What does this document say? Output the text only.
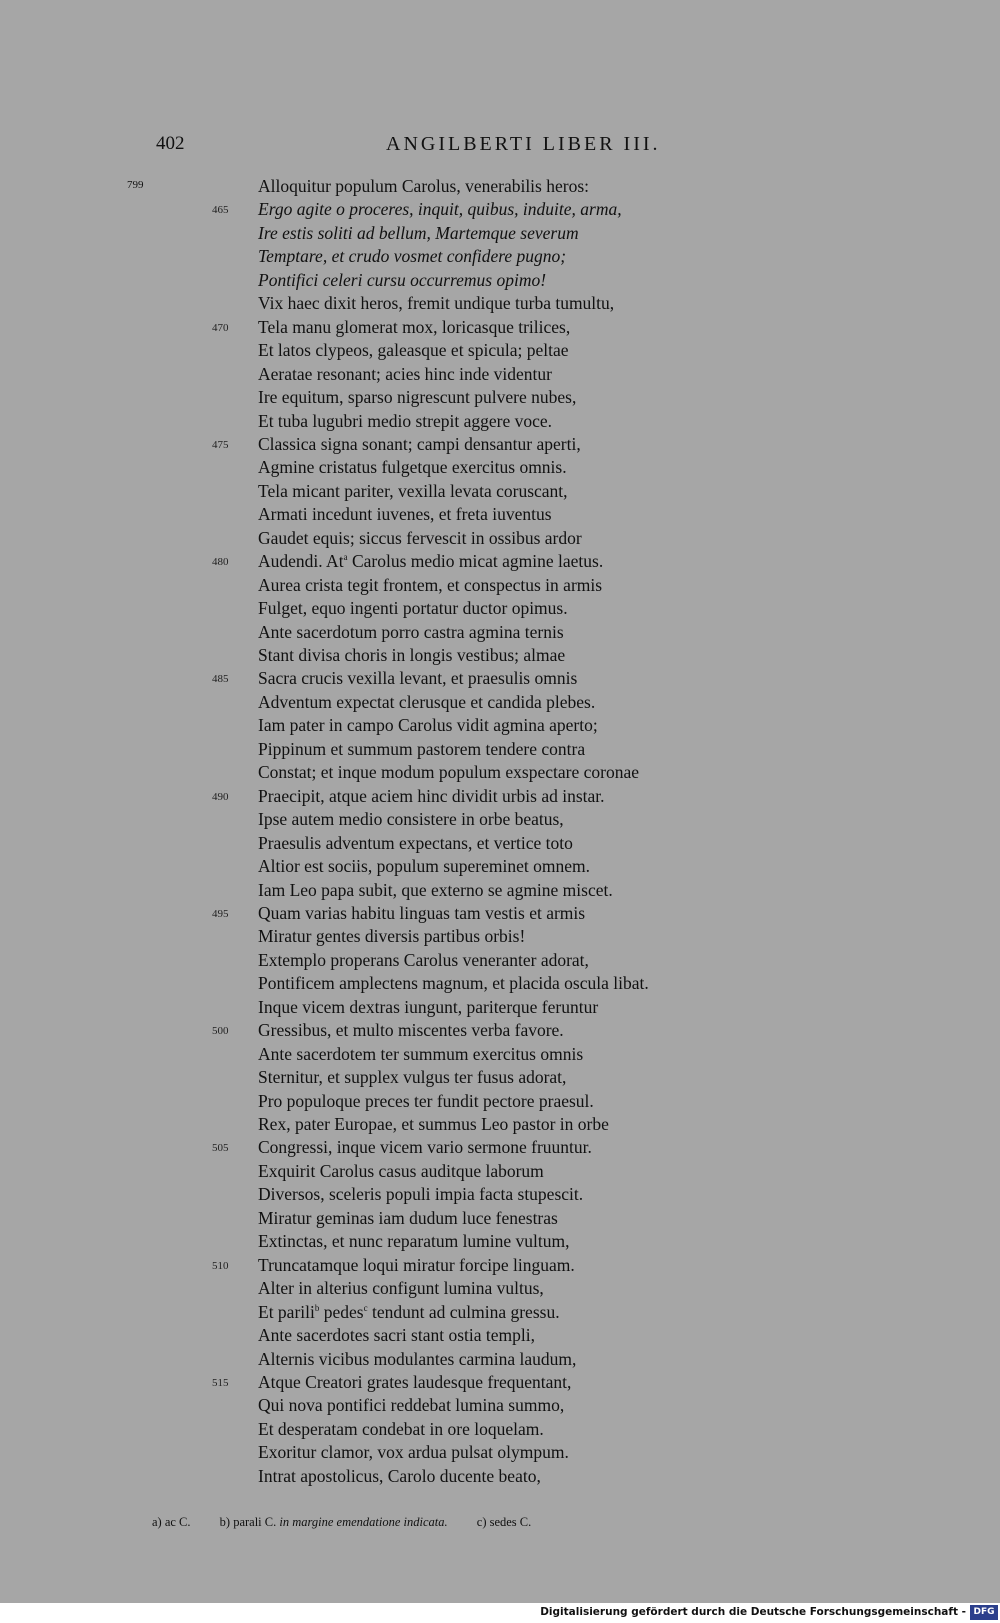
402	ANGILBERTI LIBER III.
799	Alloquitur populum Carolus, venerabilis heros:
465 Ergo agite o proceres, inquit, quibus, induite, arma,
Ire estis soliti ad bellum, Martemque severum
Temptare, et crudo vosmet confidere pugno;
Pontifici celeri cursu occurremus opimo!
Vix haec dixit heros, fremit undique turba tumultu,
470 Tela manu glomerat mox, loricasque trilices,
Et latos clypeos, galeasque et spicula; peltae
Aeratae resonant; acies hinc inde videntur
Ire equitum, sparso nigrescunt pulvere nubes,
Et tuba lugubri medio strepit aggere voce.
475 Classica signa sonant; campi densantur aperti,
Agmine cristatus fulgetque exercitus omnis.
Tela micant pariter, vexilla levata coruscant,
Armati incedunt iuvenes, et freta iuventus
Gaudet equis; siccus fervescit in ossibus ardor
480 Audendi. At$^a$ Carolus medio micat agmine laetus.
Aurea crista tegit frontem, et conspectus in armis
Fulget, equo ingenti portatur ductor opimus.
Ante sacerdotum porro castra agmina ternis
Stant divisa choris in longis vestibus; almae
485 Sacra crucis vexilla levant, et praesulis omnis
Adventum expectat clerusque et candida plebes.
Iam pater in campo Carolus vidit agmina aperto;
Pippinum et summum pastorem tendere contra
Constat; et inque modum populum exspectare coronae
490 Praecipit, atque aciem hinc dividit urbis ad instar.
Ipse autem medio consistere in orbe beatus,
Praesulis adventum expectans, et vertice toto
Altior est sociis, populum supereminet omnem.
Iam Leo papa subit, que externo se agmine miscet.
495 Quam varias habitu linguas tam vestis et armis
Miratur gentes diversis partibus orbis!
Extemplo properans Carolus veneranter adorat,
Pontificem amplectens magnum, et placida oscula libat.
Inque vicem dextras iungunt, pariterque feruntur
500 Gressibus, et multo miscentes verba favore.
Ante sacerdotem ter summum exercitus omnis
Sternitur, et supplex vulgus ter fusus adorat,
Pro populoque preces ter fundit pectore praesul.
Rex, pater Europae, et summus Leo pastor in orbe
505 Congressi, inque vicem vario sermone fruuntur.
Exquirit Carolus casus auditque laborum
Diversos, sceleris populi impia facta stupescit.
Miratur geminas iam dudum luce fenestras
Extinctas, et nunc reparatum lumine vultum,
510 Truncatamque loqui miratur forcipe linguam.
Alter in alterius configunt lumina vultus,
Et parili$^b$ pedes$^c$ tendunt ad culmina gressu.
Ante sacerdotes sacri stant ostia templi,
Alternis vicibus modulantes carmina laudum,
515 Atque Creatori grates laudesque frequentant,
Qui nova pontifici reddebat lumina summo,
Et desperatam condebat in ore loquelam.
Exoritur clamor, vox ardua pulsat olympum.
Intrat apostolicus, Carolo ducente beato,
a) ac C. b) parali C. in margine emendatione indicata. c) sedes C.
Digitalisierung gefördert durch die Deutsche Forschungsgemeinschaft - DFG
